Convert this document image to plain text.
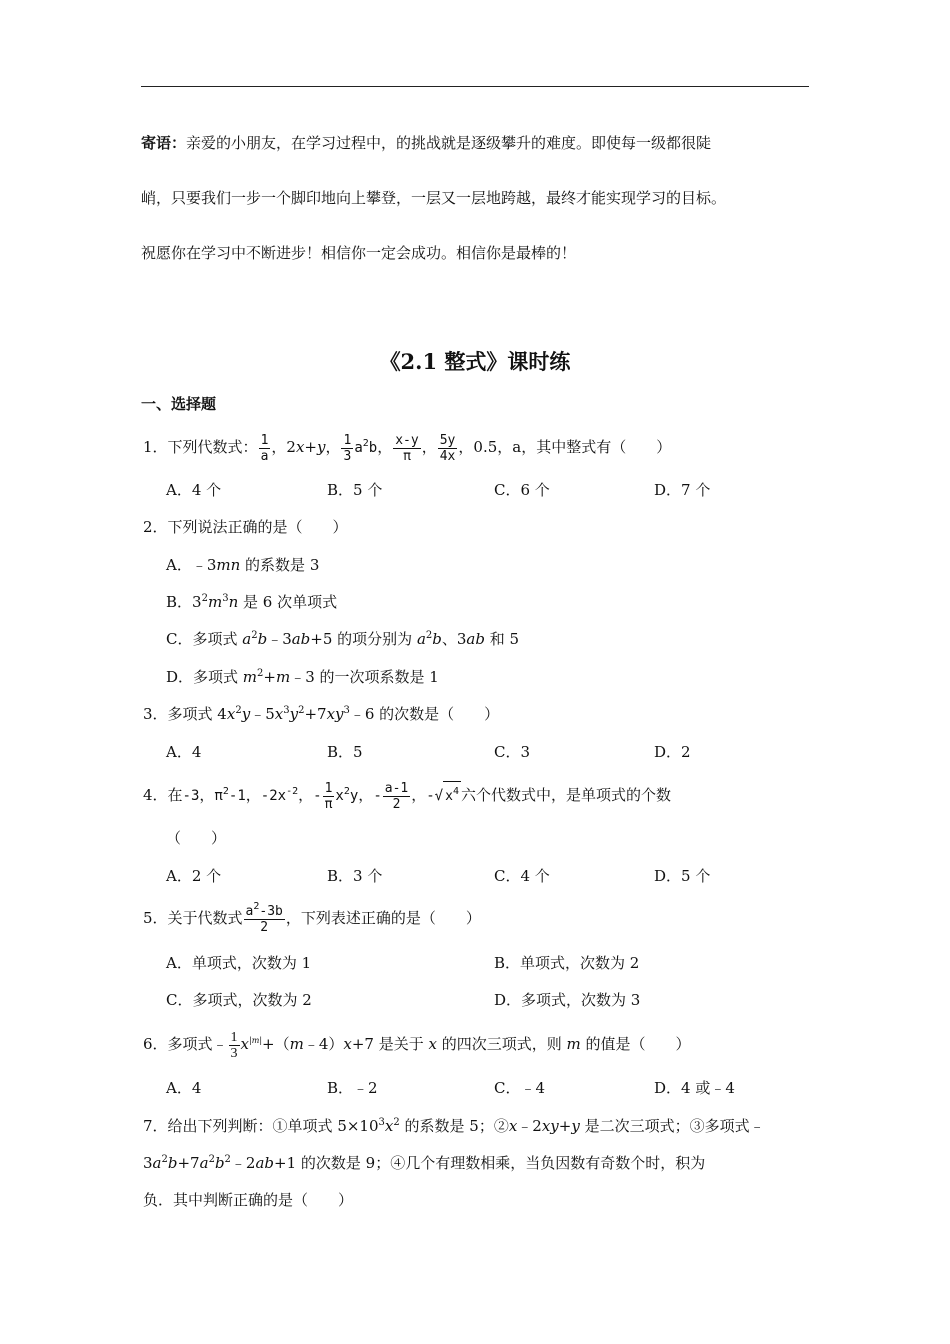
寄语：亲爱的小朋友，在学习过程中，的挑战就是逐级攀升的难度。即使每一级都很陡
峭，只要我们一步一个脚印地向上攀登，一层又一层地跨越，最终才能实现学习的目标。
祝愿你在学习中不断进步！相信你一定会成功。相信你是最棒的！
《2.1 整式》课时练
一、选择题
1．下列代数式： $\frac{1}{a}$ ，2x+y， $\frac{1}{3} a^2b$， $\frac{x-y}{\pi}$ ， $\frac{5y}{4x}$ ，0.5，a，其中整式有（　　）
A．4 个	B．5 个	C．6 个	D．7 个
2．下列说法正确的是（　　）
A．﹣3mn 的系数是 3
B．$3^2m^3n$ 是 6 次单项式
C．多项式 $a^2b﹣3ab+5$ 的项分别为 $a^2b$、3ab 和 5
D．多项式 $m^2+m﹣3$ 的一次项系数是 1
3．多项式 $4x^2y﹣5x^3y^2+7xy^3﹣6$ 的次数是（　　）
A．4	B．5	C．3	D．2
4．在-3，$\pi^2-1$，$-2x^{-2}$，- $\frac{1}{\pi} x^2y$，- $\frac{a-1}{2}$ ，-√ $x^4$ 六个代数式中，是单项式的个数
（　　）
A．2 个	B．3 个	C．4 个	D．5 个
5．关于代数式 $\frac{a^2-3b}{2}$ ，下列表述正确的是（　　）
A．单项式，次数为 1	B．单项式，次数为 2
C．多项式，次数为 2	D．多项式，次数为 3
6．多项式﹣ $\frac{1}{3}$ $x^{|m|}+(m﹣4)x+7$ 是关于 x 的四次三项式，则 m 的值是（　　）
A．4	B．﹣2	C．﹣4	D．4 或﹣4
7．给出下列判断：①单项式 $5\times 10^3x^2$ 的系数是 5；②x﹣2xy+y 是二次三项式；③多项式﹣
$3a^2b+7a^2b^2﹣2ab+1$ 的次数是 9；④几个有理数相乘，当负因数有奇数个时，积为
负．其中判断正确的是（　　）
